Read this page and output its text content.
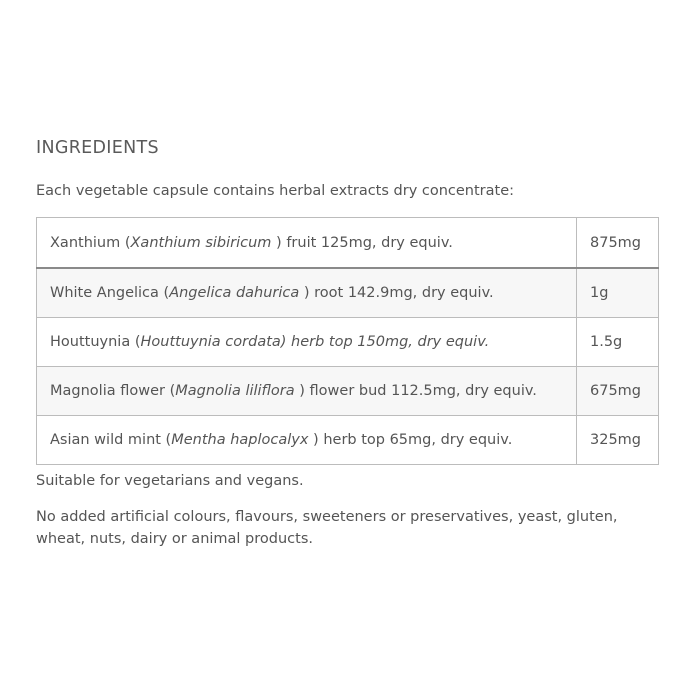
INGREDIENTS

Each vegetable capsule contains herbal extracts dry concentrate:

Xanthium (Xanthium sibiricum ) fruit 125mg, dry equiv.	875mg
White Angelica (Angelica dahurica ) root 142.9mg, dry equiv.	1g
Houttuynia (Houttuynia cordata) herb top 150mg, dry equiv.	1.5g
Magnolia flower (Magnolia liliflora ) flower bud 112.5mg, dry equiv.	675mg
Asian wild mint (Mentha haplocalyx ) herb top 65mg, dry equiv.	325mg

Suitable for vegetarians and vegans.

No added artificial colours, flavours, sweeteners or preservatives, yeast, gluten, wheat, nuts, dairy or animal products.
